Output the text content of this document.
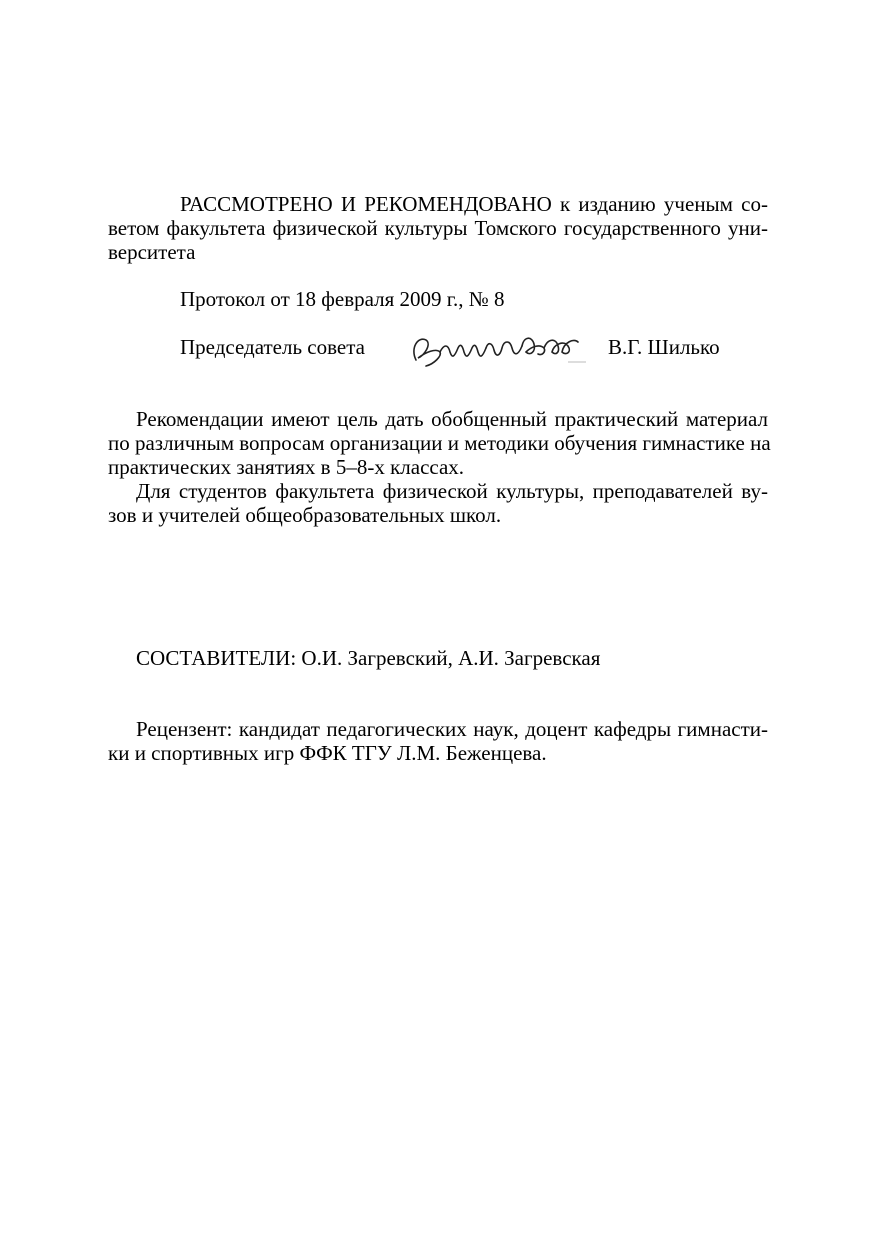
РАССМОТРЕНО И РЕКОМЕНДОВАНО к изданию ученым со-
ветом факультета физической культуры Томского государственного уни-
верситета
Протокол от 18 февраля 2009 г., № 8
Председатель совета	В.Г. Шилько
Рекомендации имеют цель дать обобщенный практический материал
по различным вопросам организации и методики обучения гимнастике на
практических занятиях в 5–8-х классах.
Для студентов факультета физической культуры, преподавателей ву-
зов и учителей общеобразовательных школ.
СОСТАВИТЕЛИ: О.И. Загревский, А.И. Загревская
Рецензент: кандидат педагогических наук, доцент кафедры гимнасти-
ки и спортивных игр ФФК ТГУ Л.М. Беженцева.
